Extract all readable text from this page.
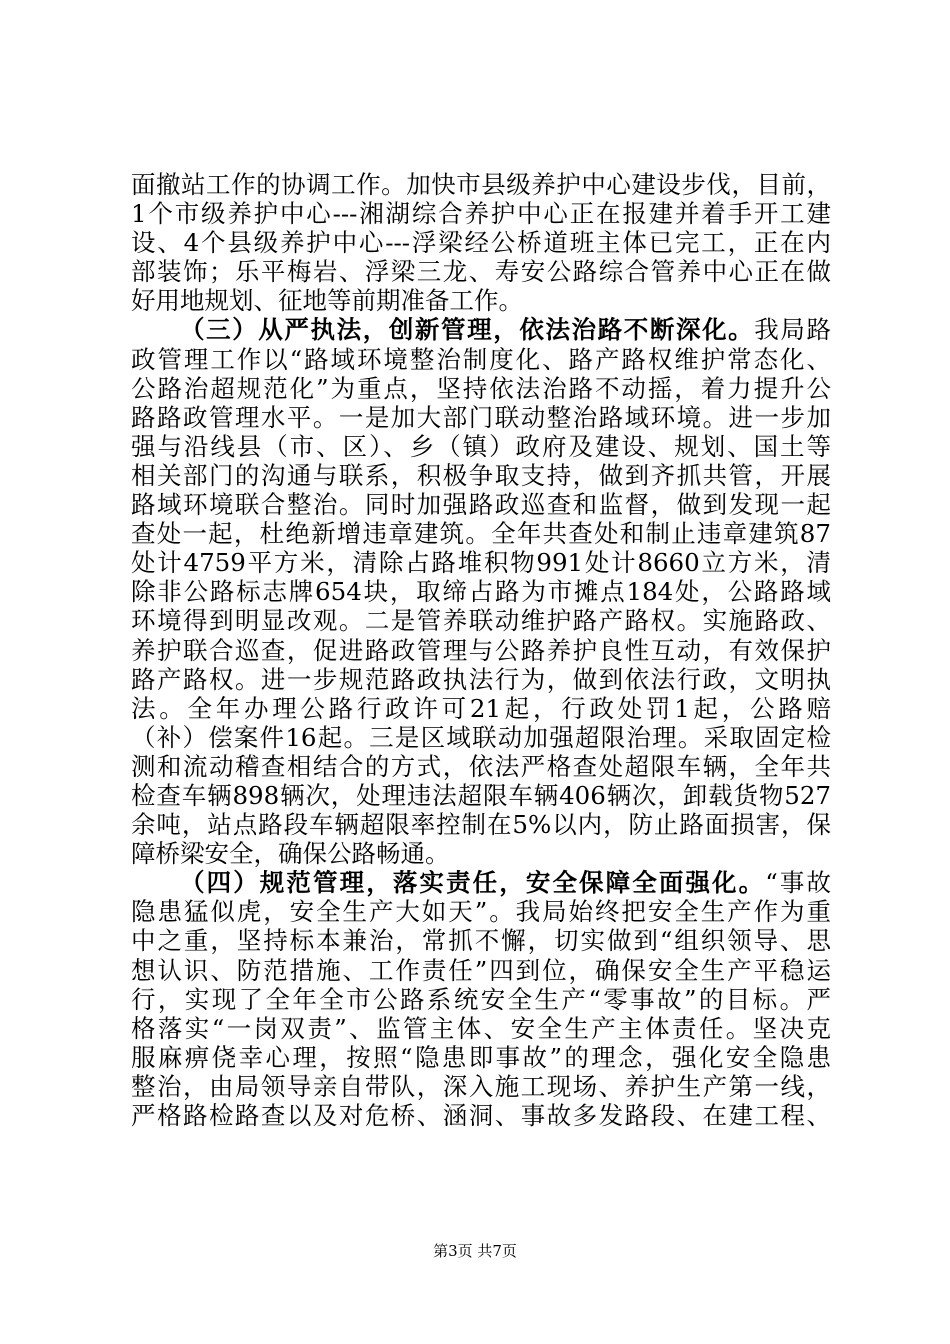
面撤站工作的协调工作。加快市县级养护中心建设步伐，目前，
1个市级养护中心---湘湖综合养护中心正在报建并着手开工建
设、4个县级养护中心---浮梁经公桥道班主体已完工，正在内
部装饰；乐平梅岩、浮梁三龙、寿安公路综合管养中心正在做
好用地规划、征地等前期准备工作。
（三）从严执法，创新管理，依法治路不断深化。我局路
政管理工作以“路域环境整治制度化、路产路权维护常态化、
公路治超规范化”为重点，坚持依法治路不动摇，着力提升公
路路政管理水平。一是加大部门联动整治路域环境。进一步加
强与沿线县（市、区）、乡（镇）政府及建设、规划、国土等
相关部门的沟通与联系，积极争取支持，做到齐抓共管，开展
路域环境联合整治。同时加强路政巡查和监督，做到发现一起
查处一起，杜绝新增违章建筑。全年共查处和制止违章建筑87
处计4759平方米，清除占路堆积物991处计8660立方米，清
除非公路标志牌654块，取缔占路为市摊点184处，公路路域
环境得到明显改观。二是管养联动维护路产路权。实施路政、
养护联合巡查，促进路政管理与公路养护良性互动，有效保护
路产路权。进一步规范路政执法行为，做到依法行政，文明执
法。全年办理公路行政许可21起，行政处罚1起，公路赔
（补）偿案件16起。三是区域联动加强超限治理。采取固定检
测和流动稽查相结合的方式，依法严格查处超限车辆，全年共
检查车辆898辆次，处理违法超限车辆406辆次，卸载货物527
余吨，站点路段车辆超限率控制在5%以内，防止路面损害，保
障桥梁安全，确保公路畅通。
（四）规范管理，落实责任，安全保障全面强化。“事故
隐患猛似虎，安全生产大如天”。我局始终把安全生产作为重
中之重，坚持标本兼治，常抓不懈，切实做到“组织领导、思
想认识、防范措施、工作责任”四到位，确保安全生产平稳运
行，实现了全年全市公路系统安全生产“零事故”的目标。严
格落实“一岗双责”、监管主体、安全生产主体责任。坚决克
服麻痹侥幸心理，按照“隐患即事故”的理念，强化安全隐患
整治，由局领导亲自带队，深入施工现场、养护生产第一线，
严格路检路查以及对危桥、涵洞、事故多发路段、在建工程、
第3页 共7页
